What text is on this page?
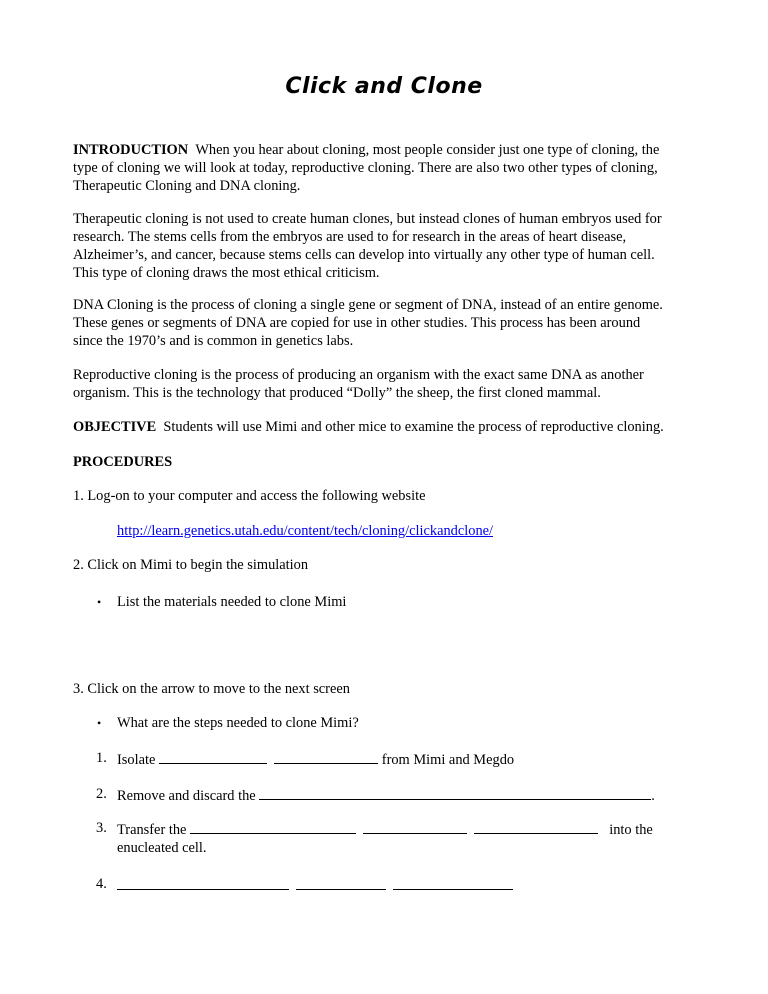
Click and Clone
INTRODUCTION When you hear about cloning, most people consider just one type of cloning, the
type of cloning we will look at today, reproductive cloning. There are also two other types of cloning,
Therapeutic Cloning and DNA cloning.
Therapeutic cloning is not used to create human clones, but instead clones of human embryos used for
research. The stems cells from the embryos are used to for research in the areas of heart disease,
Alzheimer’s, and cancer, because stems cells can develop into virtually any other type of human cell.
This type of cloning draws the most ethical criticism.
DNA Cloning is the process of cloning a single gene or segment of DNA, instead of an entire genome.
These genes or segments of DNA are copied for use in other studies. This process has been around
since the 1970’s and is common in genetics labs.
Reproductive cloning is the process of producing an organism with the exact same DNA as another
organism. This is the technology that produced “Dolly” the sheep, the first cloned mammal.
OBJECTIVE Students will use Mimi and other mice to examine the process of reproductive cloning.
PROCEDURES
1. Log-on to your computer and access the following website
http://learn.genetics.utah.edu/content/tech/cloning/clickandclone/
2. Click on Mimi to begin the simulation
• List the materials needed to clone Mimi
3. Click on the arrow to move to the next screen
• What are the steps needed to clone Mimi?
1. Isolate	from Mimi and Megdo
2. Remove and discard the	.
3. Transfer the	into the
enucleated cell.
4.
